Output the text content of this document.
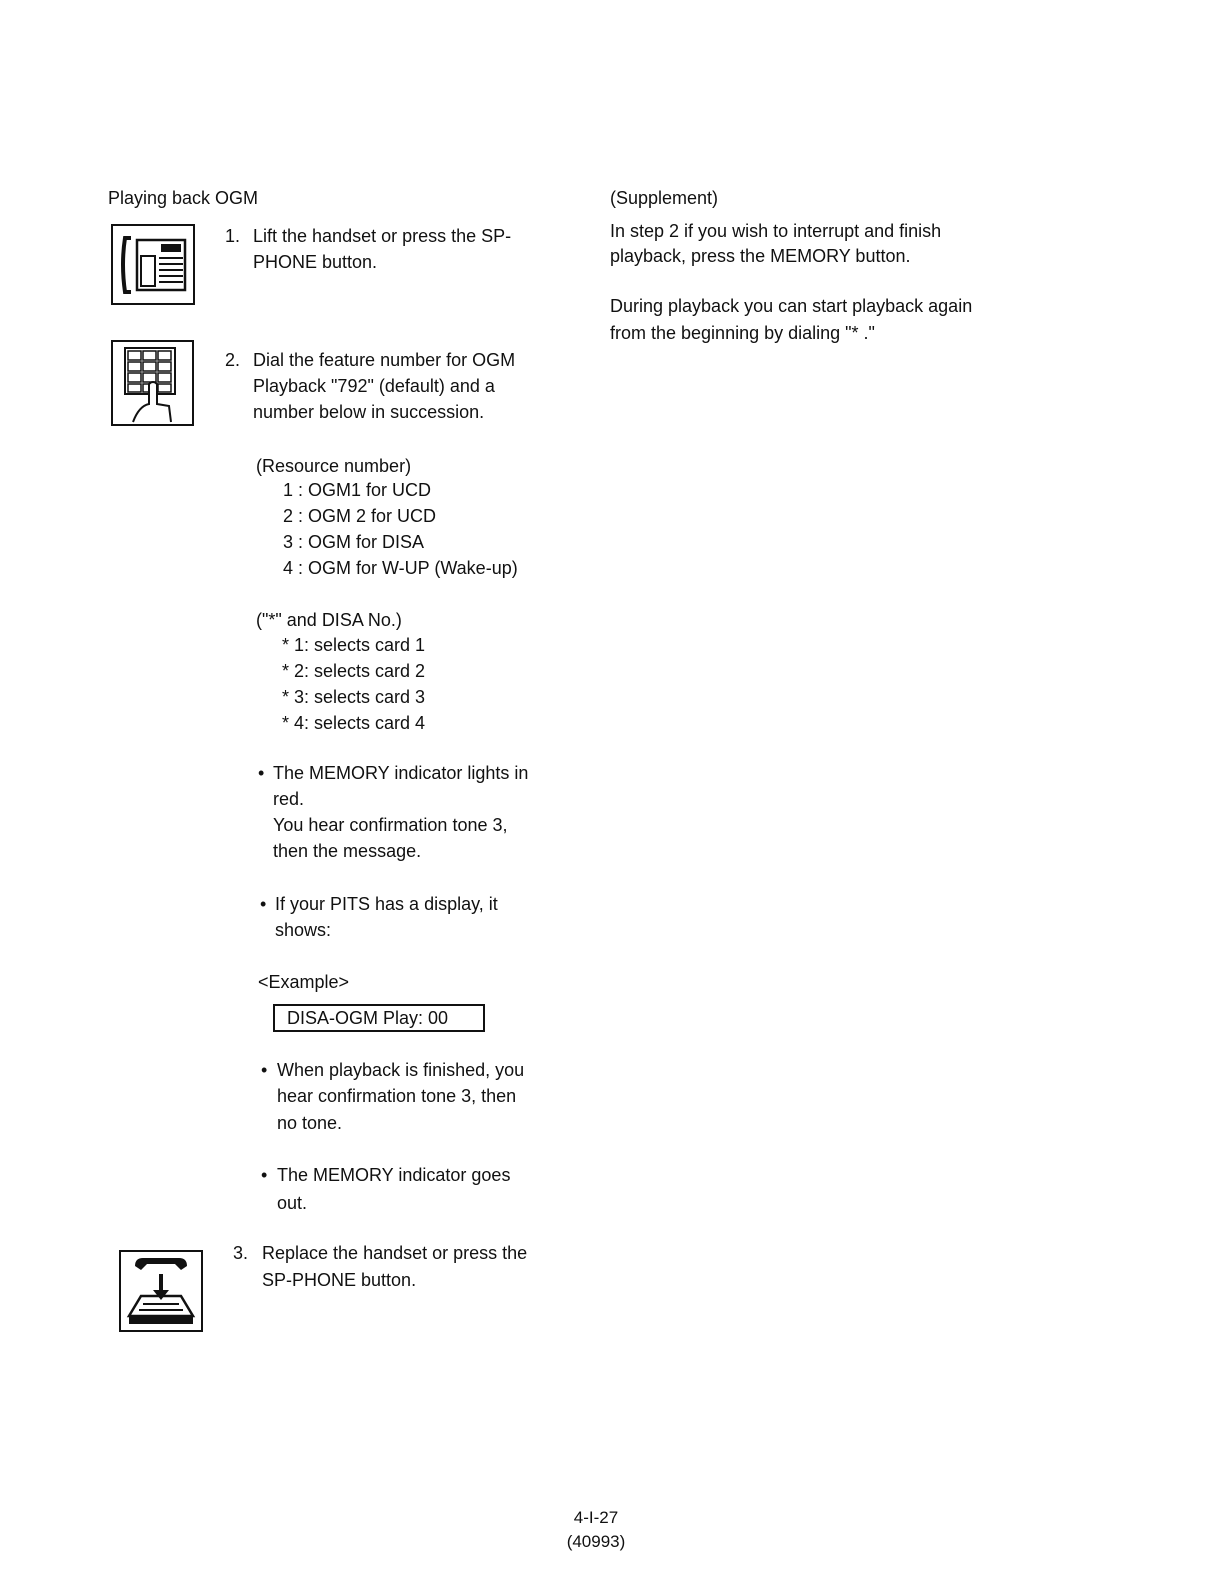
Playing back OGM	(Supplement)
In step 2 if you wish to interrupt and finish
playback, press the MEMORY button.
During playback you can start playback again
from the beginning by dialing "* ."
1. Lift the handset or press the SP-
PHONE button.
2. Dial the feature number for OGM
Playback "792" (default) and a
number below in succession.
(Resource number)
1 : OGM1 for UCD
2 : OGM 2 for UCD
3 : OGM for DISA
4 : OGM for W-UP (Wake-up)
("*" and DISA No.)
* 1: selects card 1
* 2: selects card 2
* 3: selects card 3
* 4: selects card 4
• The MEMORY indicator lights in
red.
You hear confirmation tone 3,
then the message.
• If your PITS has a display, it
shows:
<Example>
DISA-OGM Play: 00
• When playback is finished, you
hear confirmation tone 3, then
no tone.
• The MEMORY indicator goes
out.
3. Replace the handset or press the
SP-PHONE button.
4-I-27
(40993)
